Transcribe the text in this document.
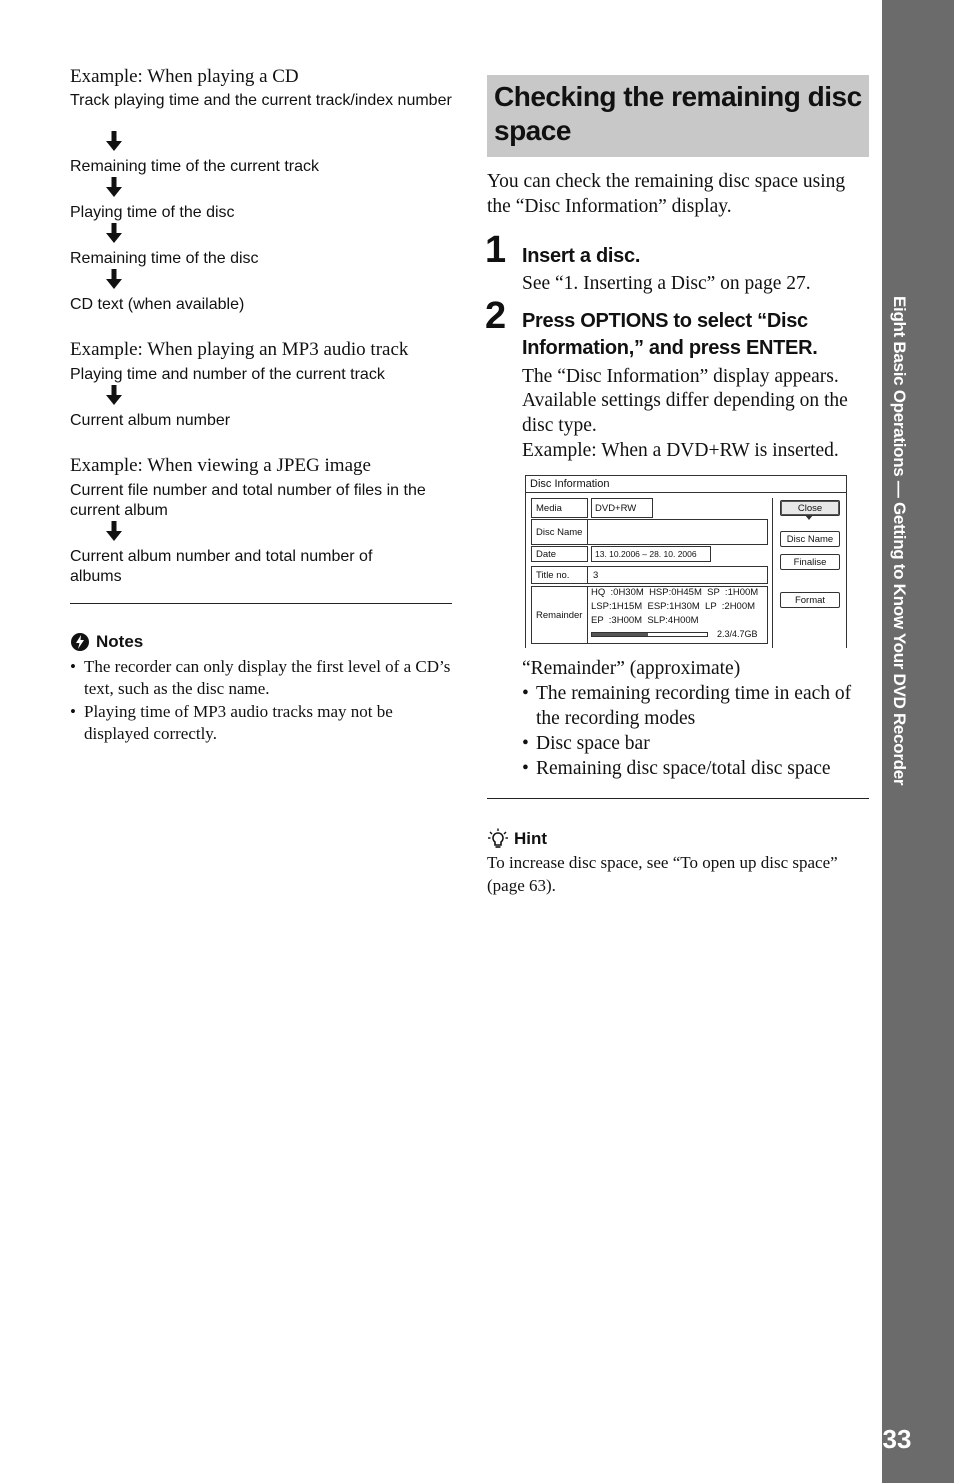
Example: When playing a CD
Track playing time and the current track/index number
Remaining time of the current track
Playing time of the disc
Remaining time of the disc
CD text (when available)
Example: When playing an MP3 audio track
Playing time and number of the current track
Current album number
Example: When viewing a JPEG image
Current file number and total number of files in the current album
Current album number and total number of albums
Notes
• The recorder can only display the first level of a CD’s text, such as the disc name.
• Playing time of MP3 audio tracks may not be displayed correctly.
Checking the remaining disc space
You can check the remaining disc space using the “Disc Information” display.
1 Insert a disc.
See “1. Inserting a Disc” on page 27.
2 Press OPTIONS to select “Disc
Information,” and press ENTER.
The “Disc Information” display appears.
Available settings differ depending on the disc type.
Example: When a DVD+RW is inserted.
Disc Information
Media	DVD+RW
Disc Name
Date	13. 10.2006 – 28. 10. 2006
Title no.	3
Remainder
HQ  :0H30M  HSP:0H45M  SP  :1H00M
LSP:1H15M  ESP:1H30M  LP  :2H00M
EP  :3H00M  SLP:4H00M
2.3/4.7GB
Close
Disc Name
Finalise
Format
“Remainder” (approximate)
• The remaining recording time in each of the recording modes
• Disc space bar
• Remaining disc space/total disc space
Hint
To increase disc space, see “To open up disc space” (page 63).
Eight Basic Operations — Getting to Know Your DVD Recorder
33
